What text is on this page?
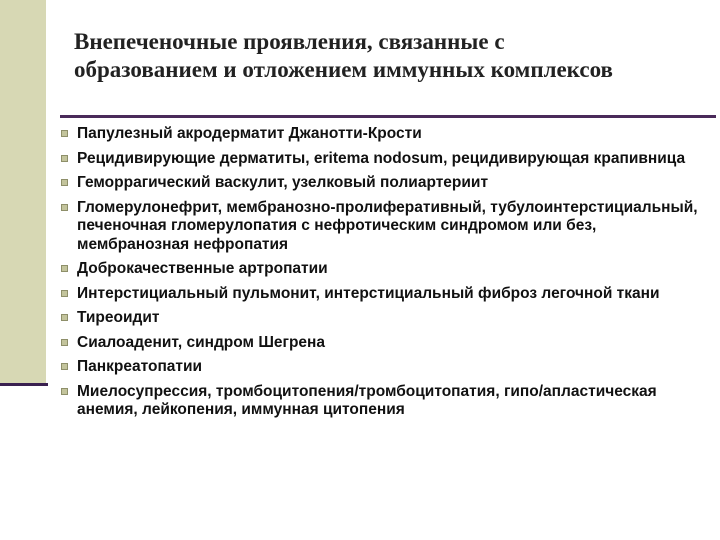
Внепеченочные проявления, связанные с образованием и отложением иммунных комплексов
Папулезный акродерматит Джанотти-Крости
Рецидивирующие дерматиты, eritema nodosum, рецидивирующая крапивница
Геморрагический васкулит, узелковый полиартериит
Гломерулонефрит, мембранозно-пролиферативный, тубулоинтерстициальный, печеночная гломерулопатия с нефротическим синдромом или без, мембранозная нефропатия
Доброкачественные артропатии
Интерстициальный пульмонит, интерстициальный фиброз легочной ткани
Тиреоидит
Сиалоаденит, синдром Шегрена
Панкреатопатии
Миелосупрессия, тромбоцитопения/тромбоцитопатия, гипо/апластическая анемия, лейкопения, иммунная цитопения
